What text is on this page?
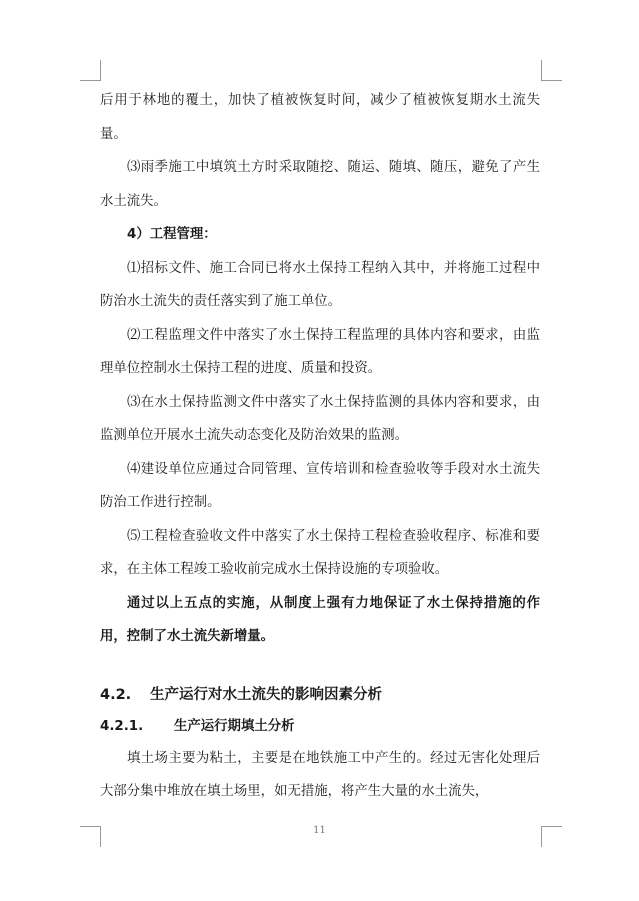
后用于林地的覆土，加快了植被恢复时间，减少了植被恢复期水土流失量。

⑶雨季施工中填筑土方时采取随挖、随运、随填、随压，避免了产生水土流失。

4）工程管理：

⑴招标文件、施工合同已将水土保持工程纳入其中，并将施工过程中防治水土流失的责任落实到了施工单位。

⑵工程监理文件中落实了水土保持工程监理的具体内容和要求，由监理单位控制水土保持工程的进度、质量和投资。

⑶在水土保持监测文件中落实了水土保持监测的具体内容和要求，由监测单位开展水土流失动态变化及防治效果的监测。

⑷建设单位应通过合同管理、宣传培训和检查验收等手段对水土流失防治工作进行控制。

⑸工程检查验收文件中落实了水土保持工程检查验收程序、标准和要求，在主体工程竣工验收前完成水土保持设施的专项验收。

通过以上五点的实施，从制度上强有力地保证了水土保持措施的作用，控制了水土流失新增量。

4.2. 生产运行对水土流失的影响因素分析
4.2.1. 生产运行期填土分析

填土场主要为粘土，主要是在地铁施工中产生的。经过无害化处理后大部分集中堆放在填土场里，如无措施，将产生大量的水土流失，

11
